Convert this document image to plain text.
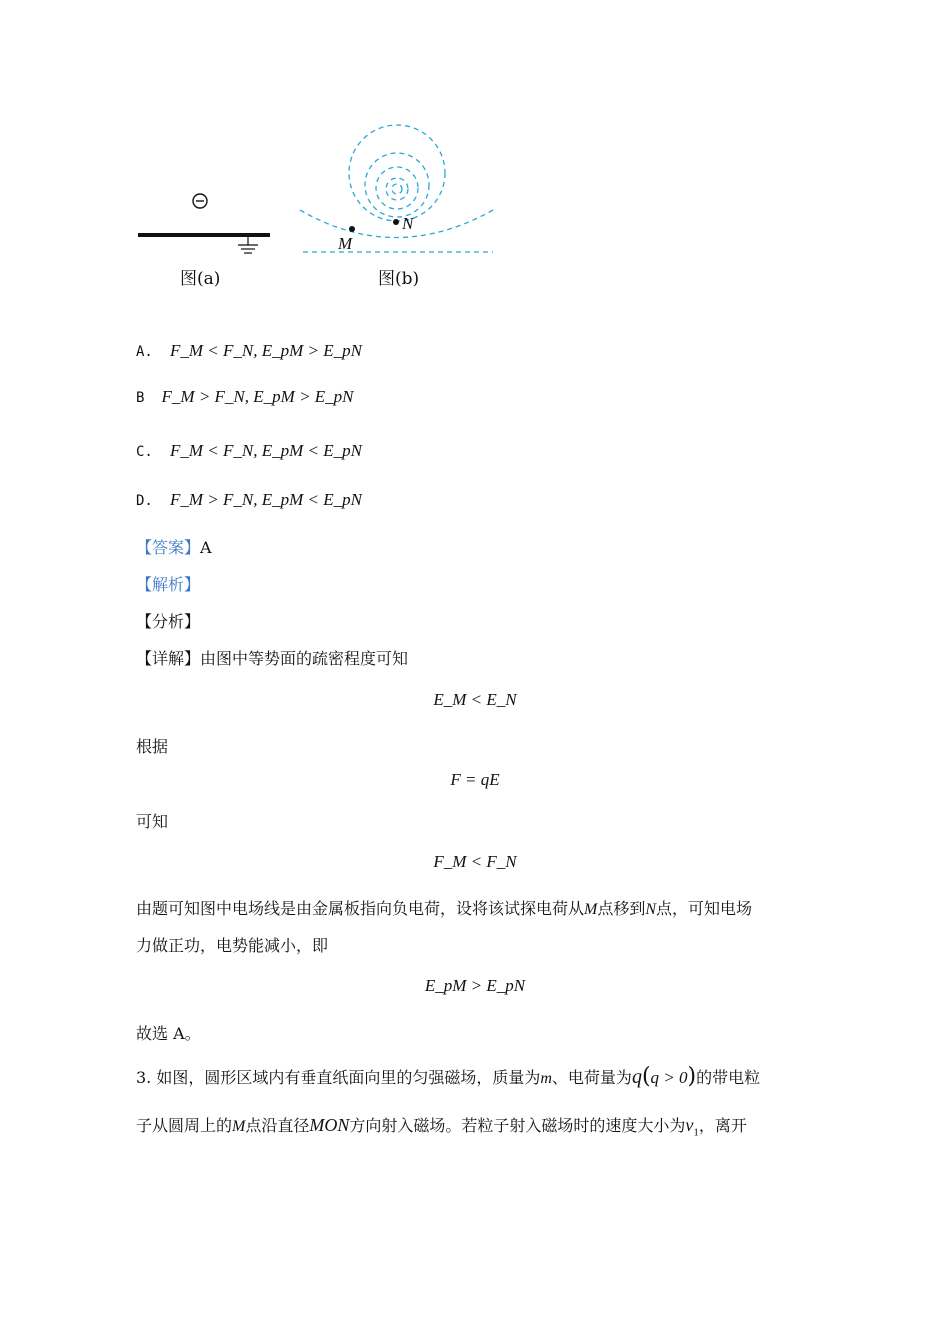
图(a)
N
M
图(b)
A. F_M < F_N, E_pM > E_pN
B F_M > F_N, E_pM > E_pN
C. F_M < F_N, E_pM < E_pN
D. F_M > F_N, E_pM < E_pN
【答案】A
【解析】
【分析】
【详解】由图中等势面的疏密程度可知
E_M < E_N
根据
F = qE
可知
F_M < F_N
由题可知图中电场线是由金属板指向负电荷，设将该试探电荷从M点移到N点，可知电场
力做正功，电势能减小，即
E_pM > E_pN
故选 A。
3. 如图，圆形区域内有垂直纸面向里的匀强磁场，质量为m、电荷量为q(q > 0)的带电粒
子从圆周上的M点沿直径MON方向射入磁场。若粒子射入磁场时的速度大小为$v_1$，离开
